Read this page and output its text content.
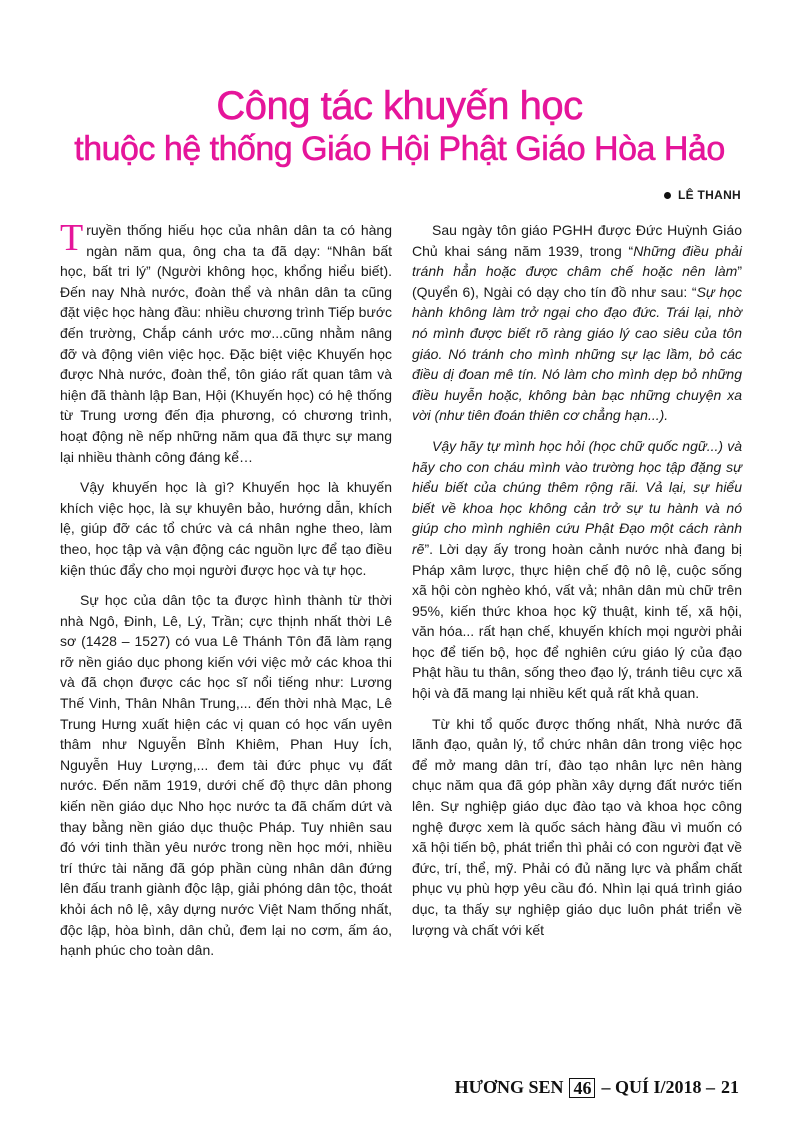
Công tác khuyến học
thuộc hệ thống Giáo Hội Phật Giáo Hòa Hảo
LÊ THANH

Truyền thống hiếu học của nhân dân ta có hàng ngàn năm qua, ông cha ta đã dạy: “Nhân bất học, bất tri lý” (Người không học, khổng hiểu biết). Đến nay Nhà nước, đoàn thể và nhân dân ta cũng đặt việc học hàng đầu: nhiều chương trình Tiếp bước đến trường, Chắp cánh ước mơ...cũng nhằm nâng đỡ và động viên việc học. Đặc biệt việc Khuyến học được Nhà nước, đoàn thể, tôn giáo rất quan tâm và hiện đã thành lập Ban, Hội (Khuyến học) có hệ thống từ Trung ương đến địa phương, có chương trình, hoạt động nề nếp những năm qua đã thực sự mang lại nhiều thành công đáng kể…

Vậy khuyến học là gì? Khuyến học là khuyến khích việc học, là sự khuyên bảo, hướng dẫn, khích lệ, giúp đỡ các tổ chức và cá nhân nghe theo, làm theo, học tập và vận động các nguồn lực để tạo điều kiện thúc đẩy cho mọi người được học và tự học.

Sự học của dân tộc ta được hình thành từ thời nhà Ngô, Đinh, Lê, Lý, Trần; cực thịnh nhất thời Lê sơ (1428 – 1527) có vua Lê Thánh Tôn đã làm rạng rỡ nền giáo dục phong kiến với việc mở các khoa thi và đã chọn được các học sĩ nổi tiếng như: Lương Thế Vinh, Thân Nhân Trung,... đến thời nhà Mạc, Lê Trung Hưng xuất hiện các vị quan có học vấn uyên thâm như Nguyễn Bỉnh Khiêm, Phan Huy Ích, Nguyễn Huy Lượng,... đem tài đức phục vụ đất nước. Đến năm 1919, dưới chế độ thực dân phong kiến nền giáo dục Nho học nước ta đã chấm dứt và thay bằng nền giáo dục thuộc Pháp. Tuy nhiên sau đó với tinh thần yêu nước trong nền học mới, nhiều trí thức tài năng đã góp phần cùng nhân dân đứng lên đấu tranh giành độc lập, giải phóng dân tộc, thoát khỏi ách nô lệ, xây dựng nước Việt Nam thống nhất, độc lập, hòa bình, dân chủ, đem lại no cơm, ấm áo, hạnh phúc cho toàn dân.

Sau ngày tôn giáo PGHH được Đức Huỳnh Giáo Chủ khai sáng năm 1939, trong “Những điều phải tránh hẳn hoặc được châm chế hoặc nên làm” (Quyển 6), Ngài có dạy cho tín đồ như sau: “Sự học hành không làm trở ngại cho đạo đức. Trái lại, nhờ nó mình được biết rõ ràng giáo lý cao siêu của tôn giáo. Nó tránh cho mình những sự lạc lầm, bỏ các điều dị đoan mê tín. Nó làm cho mình dẹp bỏ những điều huyễn hoặc, không bàn bạc những chuyện xa vời (như tiên đoán thiên cơ chẳng hạn...).

Vậy hãy tự mình học hỏi (học chữ quốc ngữ...) và hãy cho con cháu mình vào trường học tập đặng sự hiểu biết của chúng thêm rộng rãi. Vả lại, sự hiểu biết về khoa học không cản trở sự tu hành và nó giúp cho mình nghiên cứu Phật Đạo một cách rành rẽ”. Lời dạy ấy trong hoàn cảnh nước nhà đang bị Pháp xâm lược, thực hiện chế độ nô lệ, cuộc sống xã hội còn nghèo khó, vất vả; nhân dân mù chữ trên 95%, kiến thức khoa học kỹ thuật, kinh tế, xã hội, văn hóa... rất hạn chế, khuyến khích mọi người phải học để tiến bộ, học để nghiên cứu giáo lý của đạo Phật hầu tu thân, sống theo đạo lý, tránh tiêu cực xã hội và đã mang lại nhiều kết quả rất khả quan.

Từ khi tổ quốc được thống nhất, Nhà nước đã lãnh đạo, quản lý, tổ chức nhân dân trong việc học để mở mang dân trí, đào tạo nhân lực nên hàng chục năm qua đã góp phần xây dựng đất nước tiến lên. Sự nghiệp giáo dục đào tạo và khoa học công nghệ được xem là quốc sách hàng đầu vì muốn có xã hội tiến bộ, phát triển thì phải có con người đạt về đức, trí, thể, mỹ. Phải có đủ năng lực và phẩm chất phục vụ phù hợp yêu cầu đó. Nhìn lại quá trình giáo dục, ta thấy sự nghiệp giáo dục luôn phát triển về lượng và chất với kết

HƯƠNG SEN 46 – QUÍ I/2018 – 21
